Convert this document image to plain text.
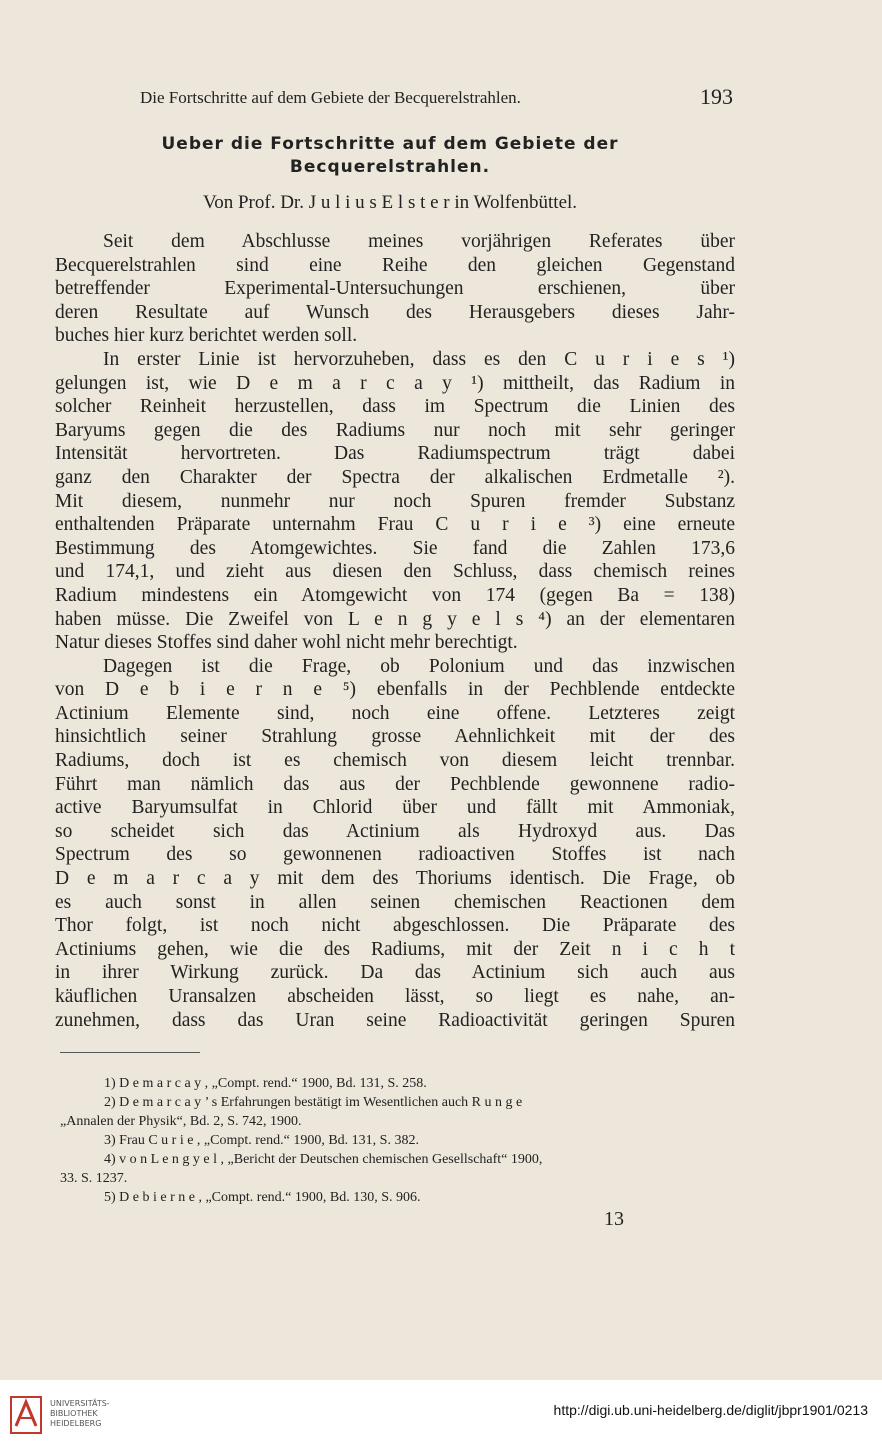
Die Fortschritte auf dem Gebiete der Becquerelstrahlen.	193
Ueber die Fortschritte auf dem Gebiete der
Becquerelstrahlen.
Von Prof. Dr. J u l i u s E l s t e r in Wolfenbüttel.
Seit dem Abschlusse meines vorjährigen Referates über
Becquerelstrahlen sind eine Reihe den gleichen Gegenstand
betreffender Experimental-Untersuchungen erschienen, über
deren Resultate auf Wunsch des Herausgebers dieses Jahr-
buches hier kurz berichtet werden soll.
In erster Linie ist hervorzuheben, dass es den C u r i e s ¹)
gelungen ist, wie D e m a r c a y ¹) mittheilt, das Radium in
solcher Reinheit herzustellen, dass im Spectrum die Linien des
Baryums gegen die des Radiums nur noch mit sehr geringer
Intensität hervortreten. Das Radiumspectrum trägt dabei
ganz den Charakter der Spectra der alkalischen Erdmetalle ²).
Mit diesem, nunmehr nur noch Spuren fremder Substanz
enthaltenden Präparate unternahm Frau C u r i e ³) eine erneute
Bestimmung des Atomgewichtes. Sie fand die Zahlen 173,6
und 174,1, und zieht aus diesen den Schluss, dass chemisch reines
Radium mindestens ein Atomgewicht von 174 (gegen Ba = 138)
haben müsse. Die Zweifel von L e n g y e l s ⁴) an der elementaren
Natur dieses Stoffes sind daher wohl nicht mehr berechtigt.
Dagegen ist die Frage, ob Polonium und das inzwischen
von D e b i e r n e ⁵) ebenfalls in der Pechblende entdeckte
Actinium Elemente sind, noch eine offene. Letzteres zeigt
hinsichtlich seiner Strahlung grosse Aehnlichkeit mit der des
Radiums, doch ist es chemisch von diesem leicht trennbar.
Führt man nämlich das aus der Pechblende gewonnene radio-
active Baryumsulfat in Chlorid über und fällt mit Ammoniak,
so scheidet sich das Actinium als Hydroxyd aus. Das
Spectrum des so gewonnenen radioactiven Stoffes ist nach
D e m a r c a y mit dem des Thoriums identisch. Die Frage, ob
es auch sonst in allen seinen chemischen Reactionen dem
Thor folgt, ist noch nicht abgeschlossen. Die Präparate des
Actiniums gehen, wie die des Radiums, mit der Zeit n i c h t
in ihrer Wirkung zurück. Da das Actinium sich auch aus
käuflichen Uransalzen abscheiden lässt, so liegt es nahe, an-
zunehmen, dass das Uran seine Radioactivität geringen Spuren
1) D e m a r c a y , „Compt. rend.“ 1900, Bd. 131, S. 258.
2) D e m a r c a y ’ s Erfahrungen bestätigt im Wesentlichen auch R u n g e
„Annalen der Physik“, Bd. 2, S. 742, 1900.
3) Frau C u r i e , „Compt. rend.“ 1900, Bd. 131, S. 382.
4) v o n L e n g y e l , „Bericht der Deutschen chemischen Gesellschaft“ 1900,
33. S. 1237.
5) D e b i e r n e , „Compt. rend.“ 1900, Bd. 130, S. 906.
13
UNIVERSITÄTS-
BIBLIOTHEK
HEIDELBERG
http://digi.ub.uni-heidelberg.de/diglit/jbpr1901/0213
